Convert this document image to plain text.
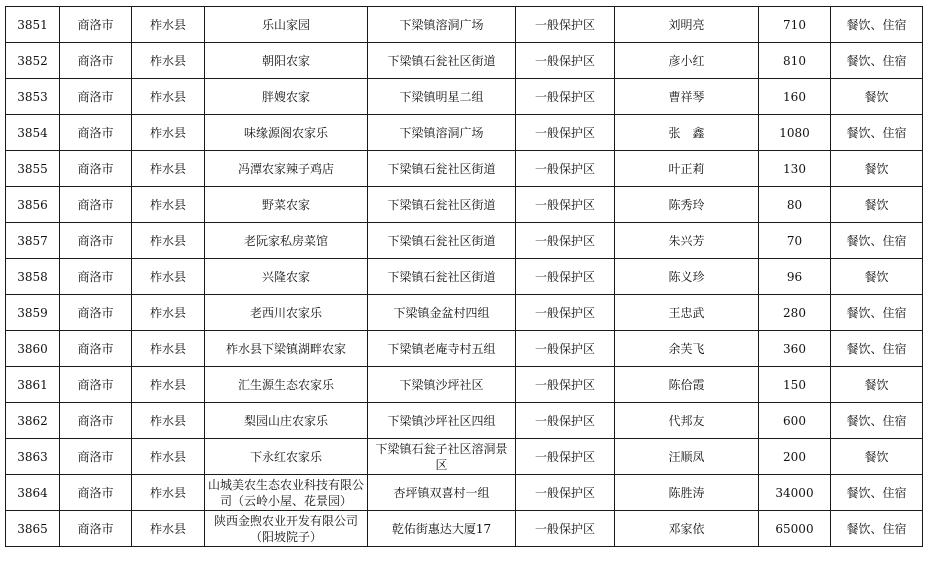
3851	商洛市	柞水县	乐山家园	下梁镇溶洞广场	一般保护区	刘明亮	710	餐饮、住宿
3852	商洛市	柞水县	朝阳农家	下梁镇石瓮社区街道	一般保护区	彦小红	810	餐饮、住宿
3853	商洛市	柞水县	胖嫂农家	下梁镇明星二组	一般保护区	曹祥琴	160	餐饮
3854	商洛市	柞水县	味缘源阁农家乐	下梁镇溶洞广场	一般保护区	张　鑫	1080	餐饮、住宿
3855	商洛市	柞水县	冯潭农家辣子鸡店	下梁镇石瓮社区街道	一般保护区	叶正莉	130	餐饮
3856	商洛市	柞水县	野菜农家	下梁镇石瓮社区街道	一般保护区	陈秀玲	80	餐饮
3857	商洛市	柞水县	老阮家私房菜馆	下梁镇石瓮社区街道	一般保护区	朱兴芳	70	餐饮、住宿
3858	商洛市	柞水县	兴隆农家	下梁镇石瓮社区街道	一般保护区	陈义珍	96	餐饮
3859	商洛市	柞水县	老西川农家乐	下梁镇金盆村四组	一般保护区	王忠武	280	餐饮、住宿
3860	商洛市	柞水县	柞水县下梁镇湖畔农家	下梁镇老庵寺村五组	一般保护区	余芙飞	360	餐饮、住宿
3861	商洛市	柞水县	汇生源生态农家乐	下梁镇沙坪社区	一般保护区	陈佮霞	150	餐饮
3862	商洛市	柞水县	梨园山庄农家乐	下梁镇沙坪社区四组	一般保护区	代邦友	600	餐饮、住宿
3863	商洛市	柞水县	下永红农家乐	下梁镇石瓮子社区溶洞景区	一般保护区	汪顺凤	200	餐饮
3864	商洛市	柞水县	山城美农生态农业科技有限公司（云岭小屋、花景园）	杏坪镇双喜村一组	一般保护区	陈胜涛	34000	餐饮、住宿
3865	商洛市	柞水县	陕西金煦农业开发有限公司（阳坡院子）	乾佑街惠达大厦17	一般保护区	邓家依	65000	餐饮、住宿
